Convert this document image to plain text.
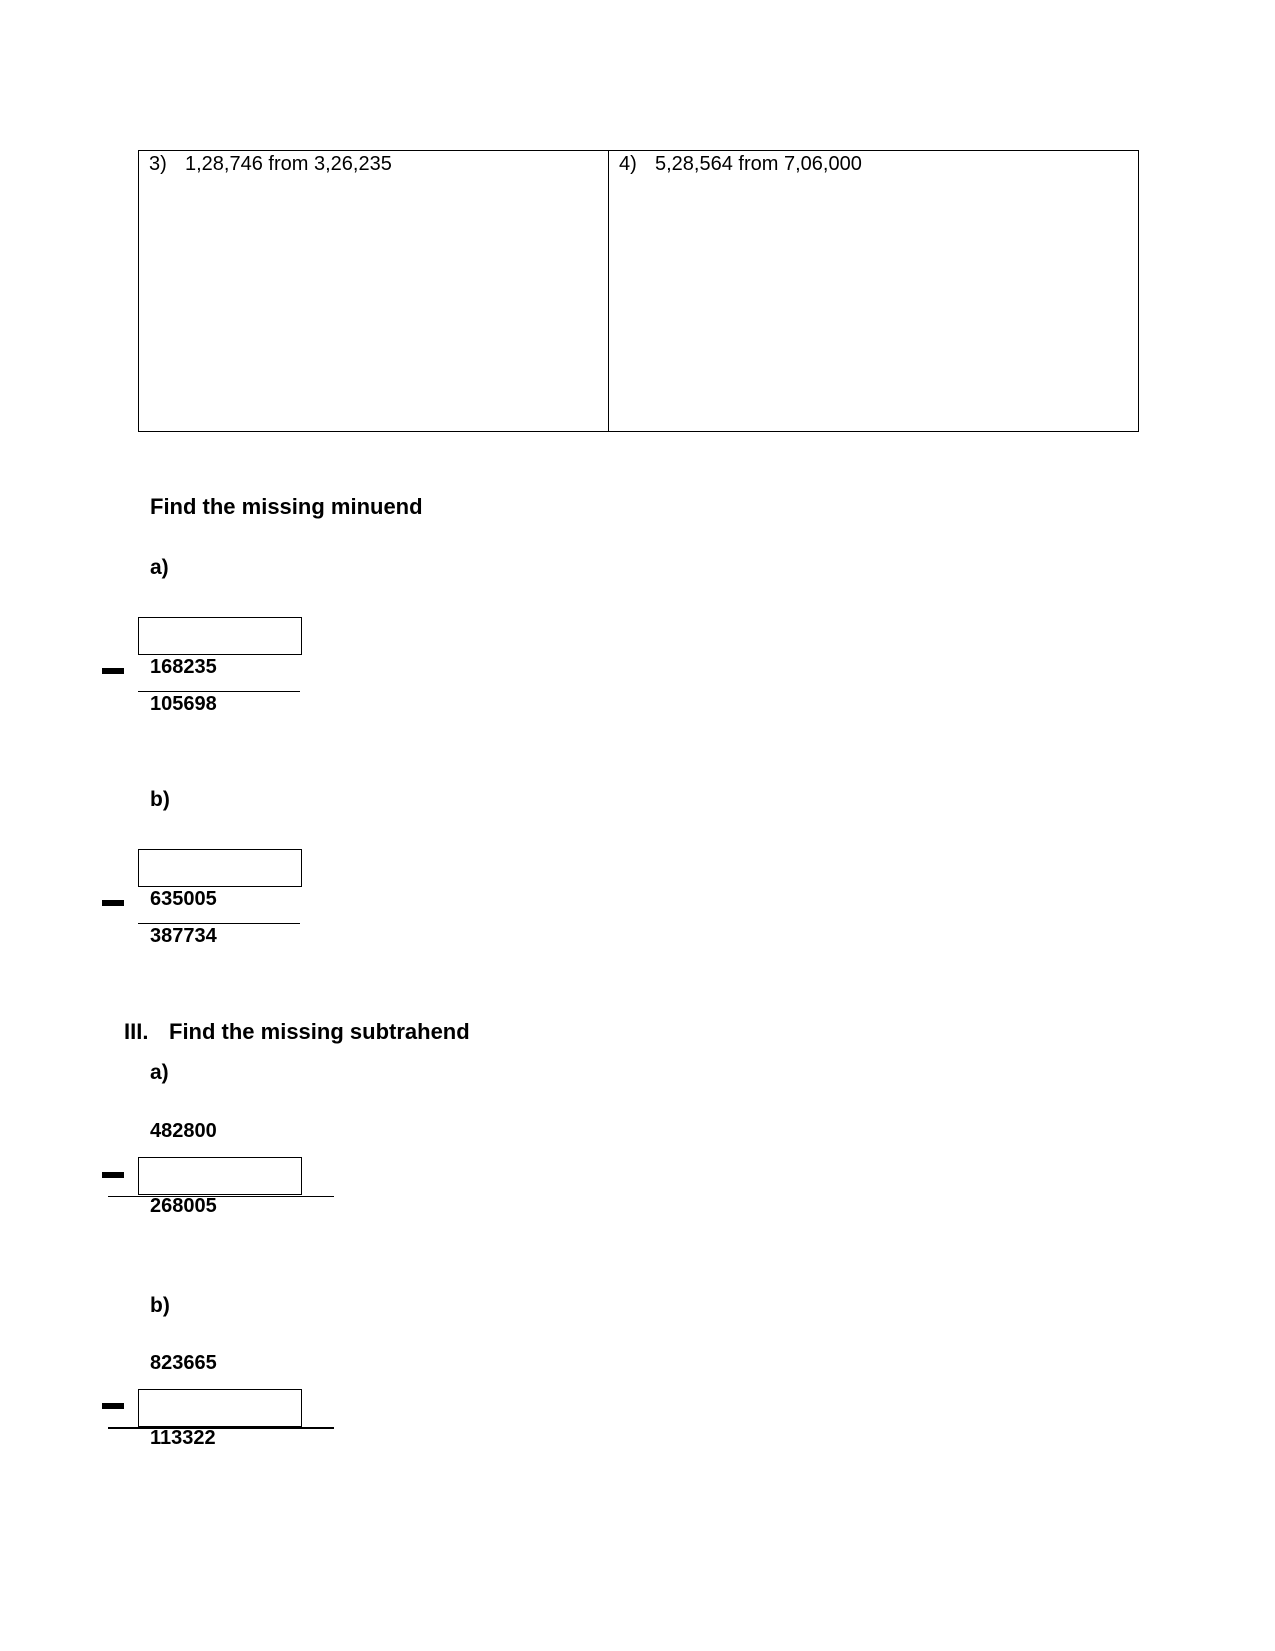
3) 1,28,746 from 3,26,235	4) 5,28,564 from 7,06,000
Find the missing minuend
a)
168235
105698
b)
635005
387734
III. Find the missing subtrahend
a)
482800
268005
b)
823665
113322
